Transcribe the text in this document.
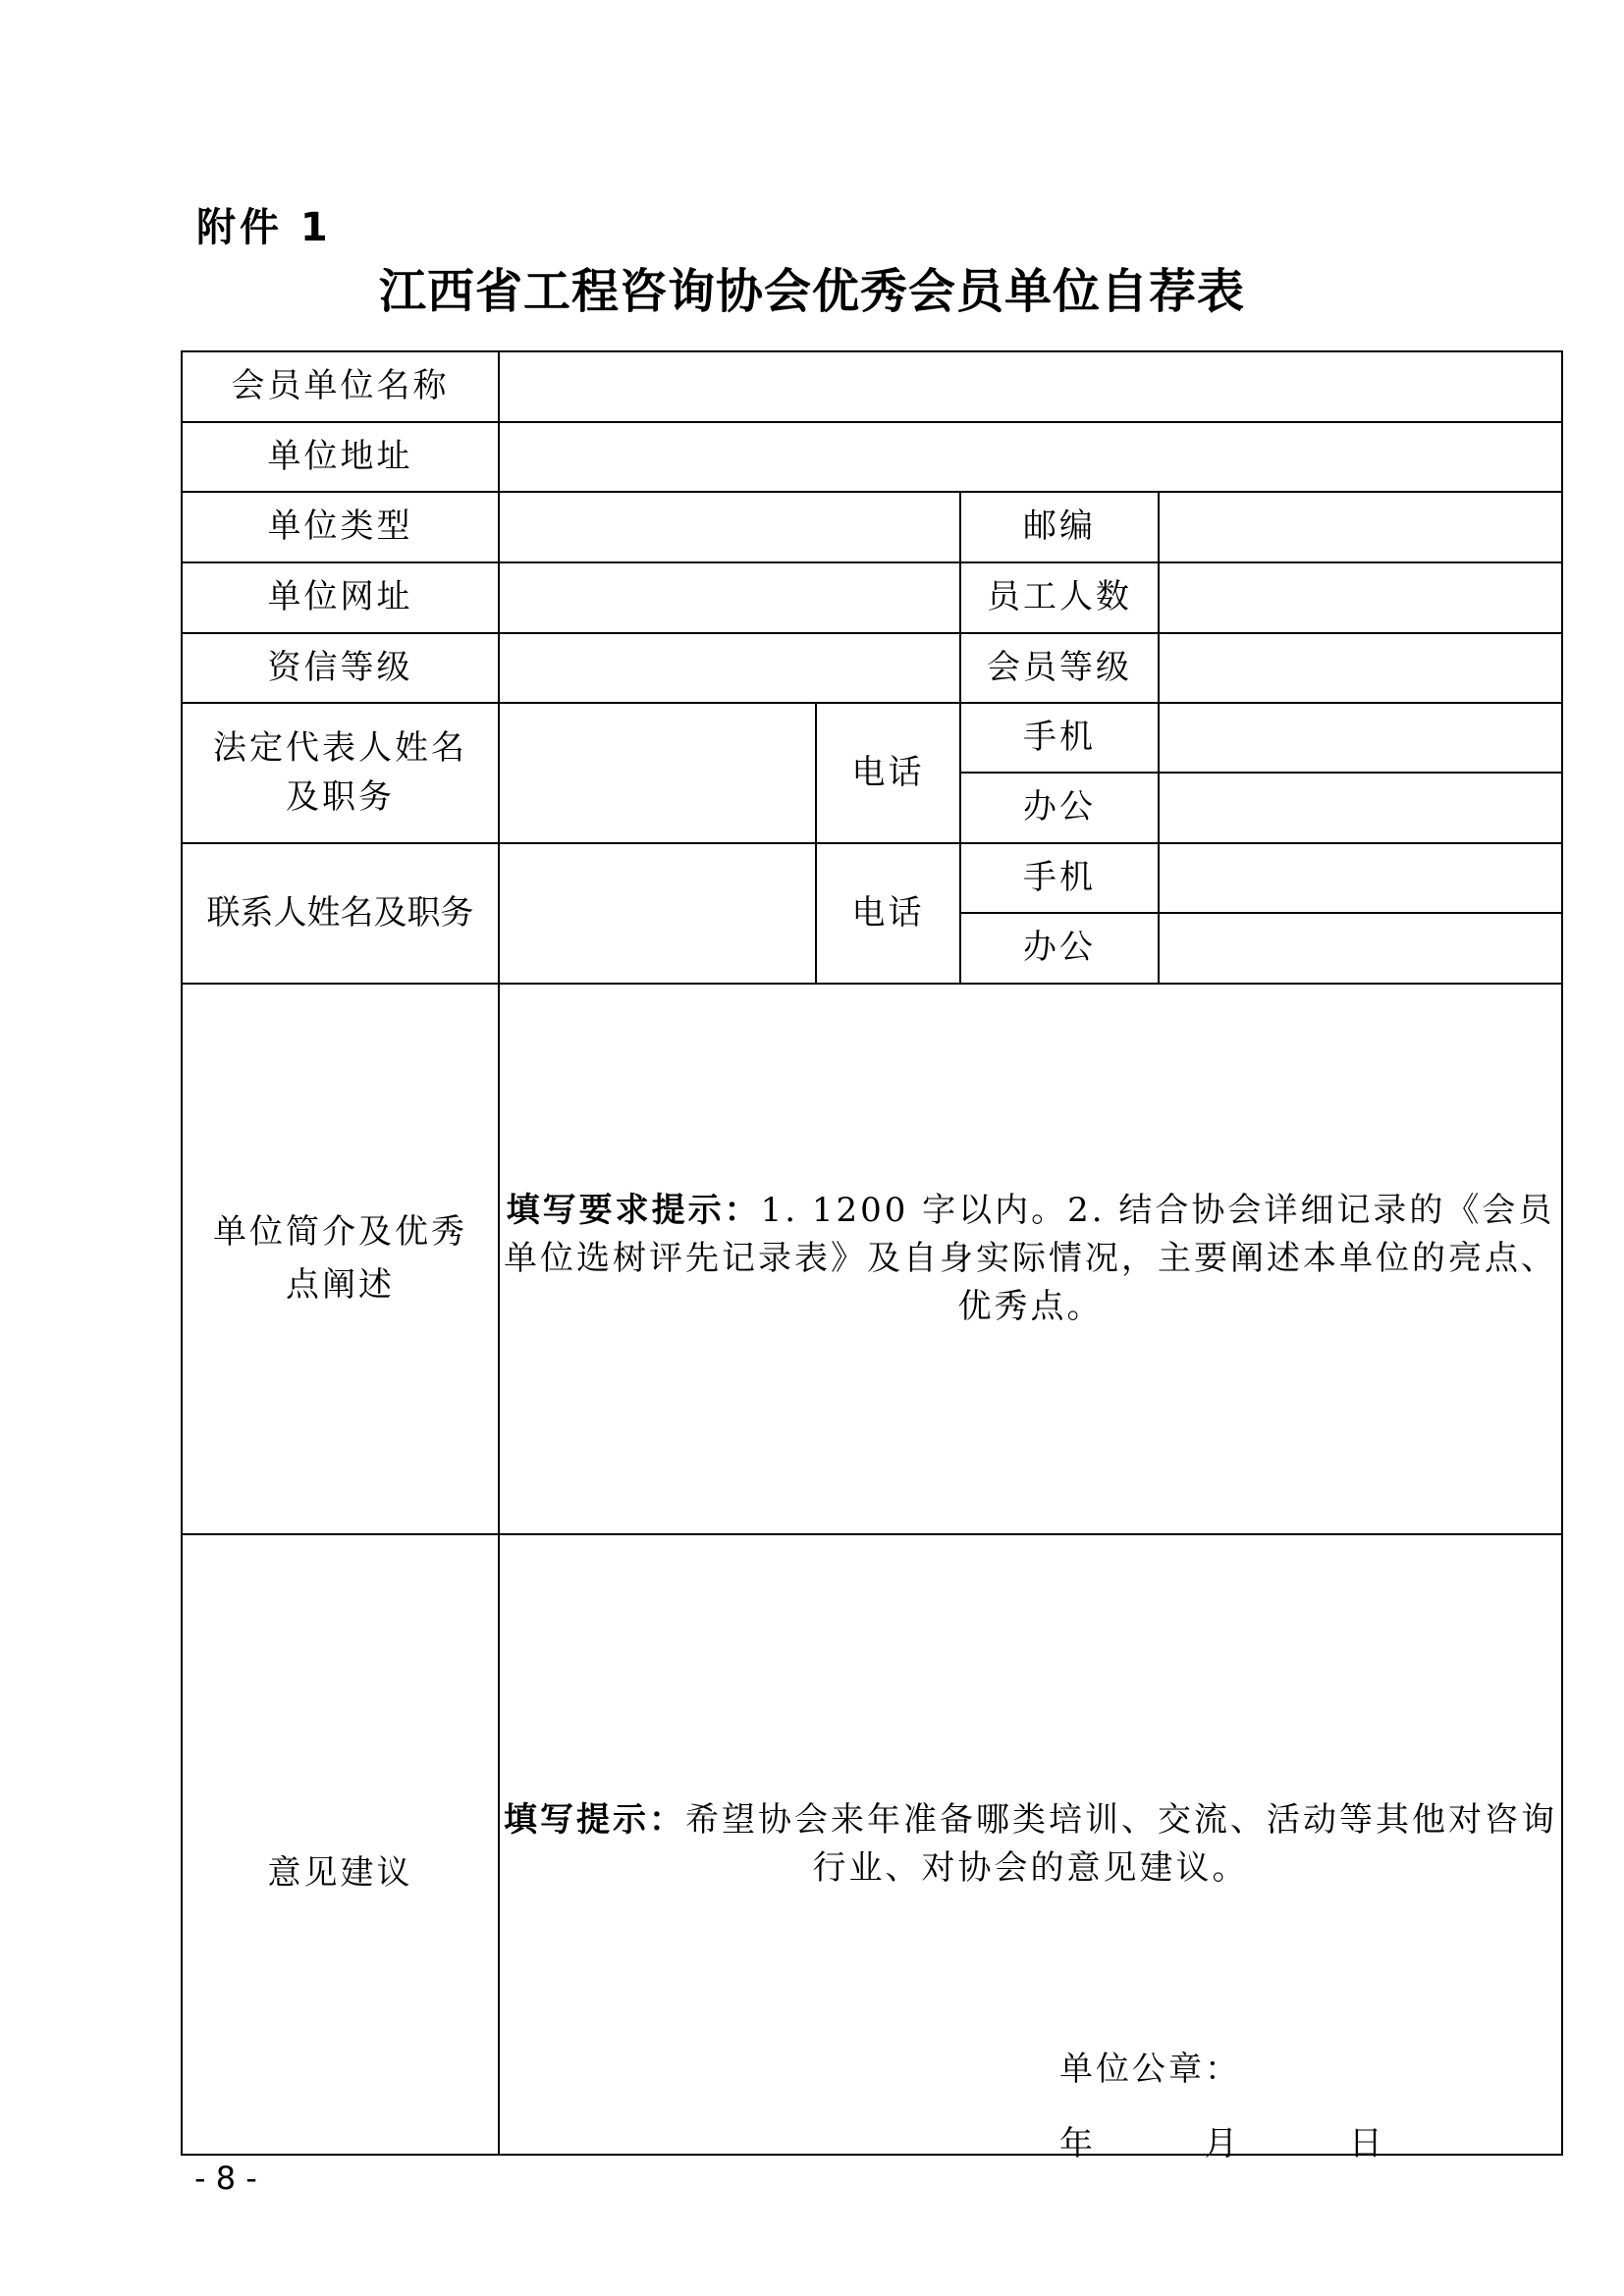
附件 1
江西省工程咨询协会优秀会员单位自荐表
会员单位名称				
单位地址				
单位类型			邮编	
单位网址			员工人数	
资信等级			会员等级	

法定代表人姓名
及职务		电话	手机	
			办公	
联系人姓名及职务		电话	手机	
			办公	

单位简介及优秀
点阐述	填写要求提示：1. 1200 字以内。2. 结合协会详细记录的《会员单位选树评先记录表》及自身实际情况，主要阐述本单位的亮点、优秀点。			
意见建议	填写提示：希望协会来年准备哪类培训、交流、活动等其他对咨询行业、对协会的意见建议。
单位公章：
年        月        日			
- 8 -
